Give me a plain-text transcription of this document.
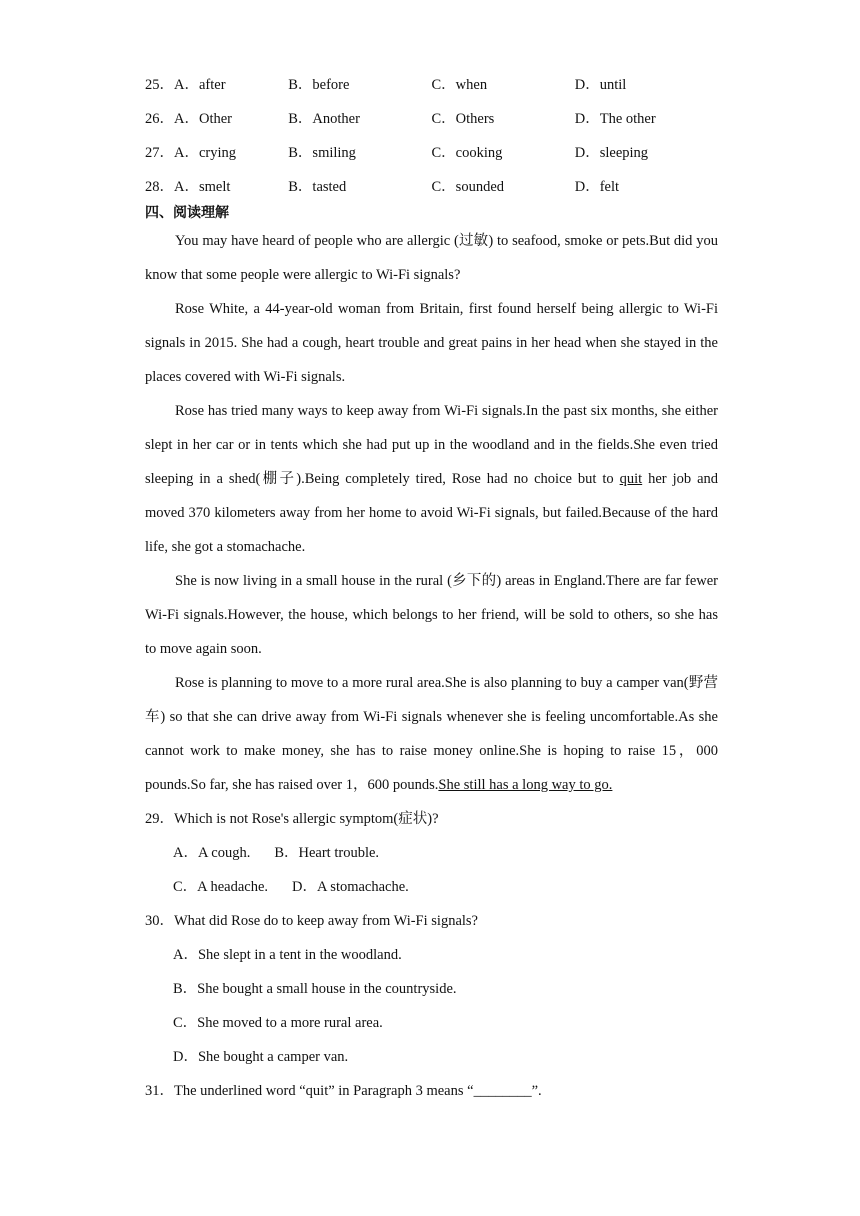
25．A．after	B．before	C．when	D．until
26．A．Other	B．Another	C．Others	D．The other
27．A．crying	B．smiling	C．cooking	D．sleeping
28．A．smelt	B．tasted	C．sounded	D．felt
四、阅读理解

You may have heard of people who are allergic (过敏) to seafood, smoke or pets.But did you know that some people were allergic to Wi-Fi signals?

Rose White, a 44-year-old woman from Britain, first found herself being allergic to Wi-Fi signals in 2015. She had a cough, heart trouble and great pains in her head when she stayed in the places covered with Wi-Fi signals.

Rose has tried many ways to keep away from Wi-Fi signals.In the past six months, she either slept in her car or in tents which she had put up in the woodland and in the fields.She even tried sleeping in a shed(棚子).Being completely tired, Rose had no choice but to quit her job and moved 370 kilometers away from her home to avoid Wi-Fi signals, but failed.Because of the hard life, she got a stomachache.

She is now living in a small house in the rural (乡下的) areas in England.There are far fewer Wi-Fi signals.However, the house, which belongs to her friend, will be sold to others, so she has to move again soon.

Rose is planning to move to a more rural area.She is also planning to buy a camper van(野营车) so that she can drive away from Wi-Fi signals whenever she is feeling uncomfortable.As she cannot work to make money, she has to raise money online.She is hoping to raise 15，000 pounds.So far, she has raised over 1，600 pounds.She still has a long way to go.

29．Which is not Rose's allergic symptom(症状)?

A．A cough. B．Heart trouble.

C．A headache. D．A stomachache.

30．What did Rose do to keep away from Wi-Fi signals?

A．She slept in a tent in the woodland.

B．She bought a small house in the countryside.

C．She moved to a more rural area.

D．She bought a camper van.

31．The underlined word “quit” in Paragraph 3 means “________”.
